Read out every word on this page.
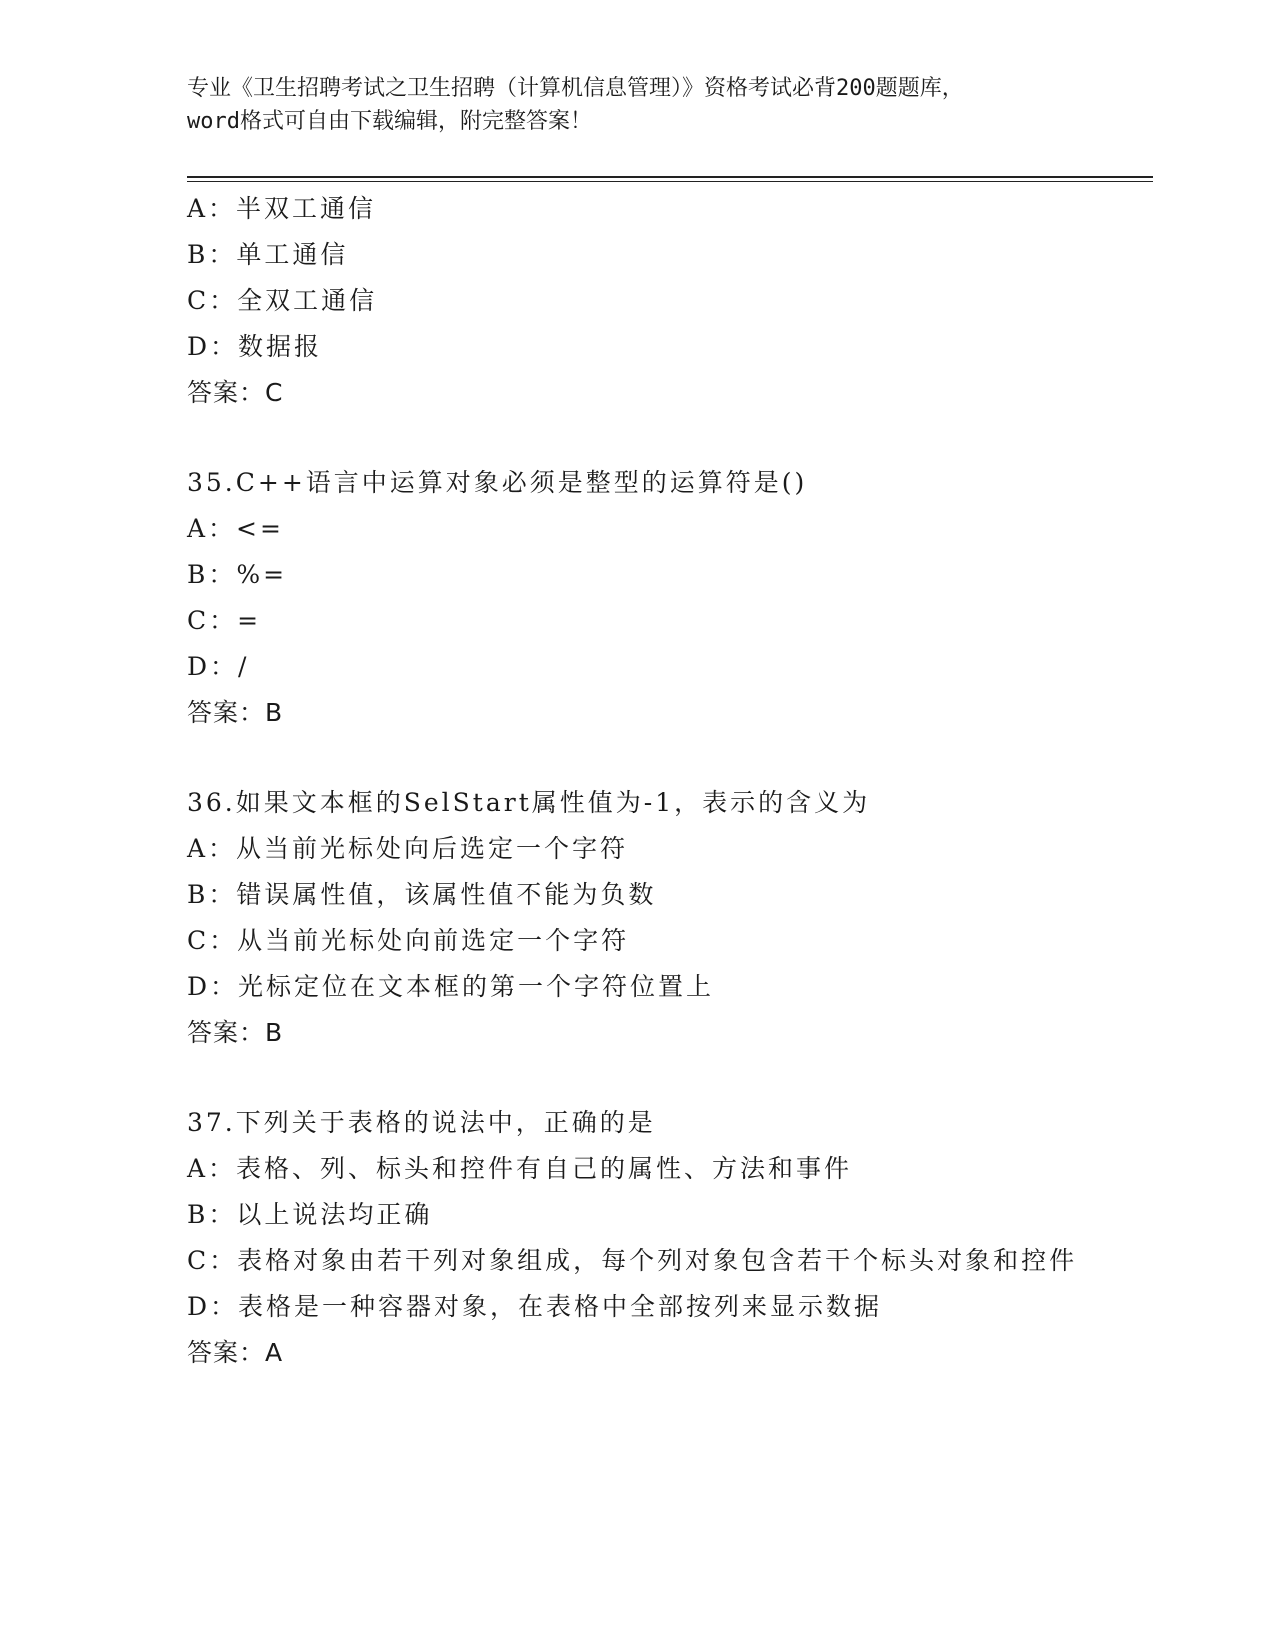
专业《卫生招聘考试之卫生招聘（计算机信息管理）》资格考试必背200题题库，
word格式可自由下载编辑，附完整答案！
A：半双工通信
B：单工通信
C：全双工通信
D：数据报
答案：C
35.C++语言中运算对象必须是整型的运算符是()
A：<=
B：%=
C：=
D：/
答案：B
36.如果文本框的SelStart属性值为-1，表示的含义为
A：从当前光标处向后选定一个字符
B：错误属性值，该属性值不能为负数
C：从当前光标处向前选定一个字符
D：光标定位在文本框的第一个字符位置上
答案：B
37.下列关于表格的说法中，正确的是
A：表格、列、标头和控件有自己的属性、方法和事件
B：以上说法均正确
C：表格对象由若干列对象组成，每个列对象包含若干个标头对象和控件
D：表格是一种容器对象，在表格中全部按列来显示数据
答案：A
